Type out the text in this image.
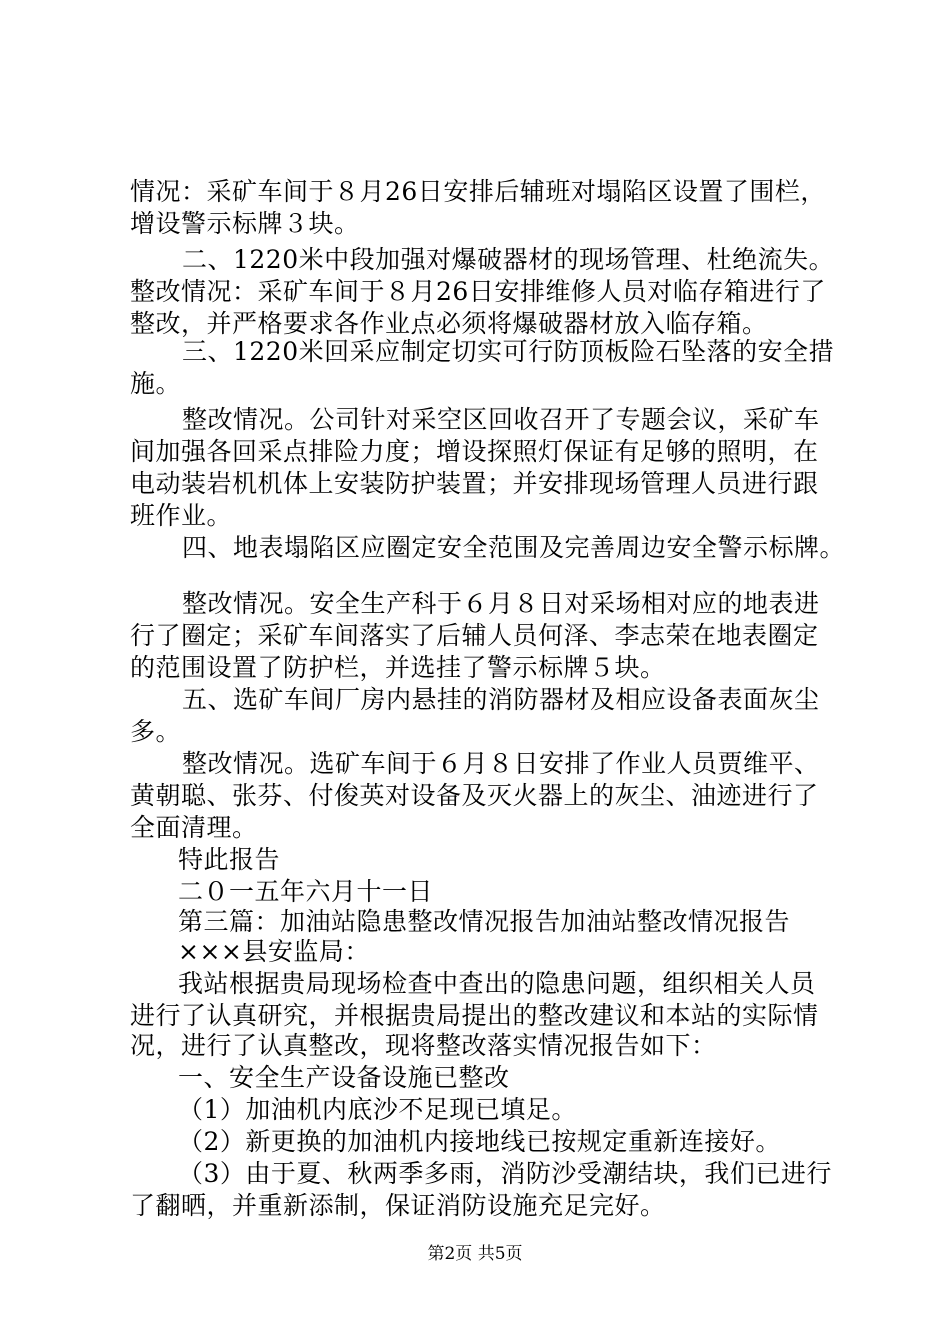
情况：采矿车间于８月26日安排后辅班对塌陷区设置了围栏，
增设警示标牌３块。
二、1220米中段加强对爆破器材的现场管理、杜绝流失。
整改情况：采矿车间于８月26日安排维修人员对临存箱进行了
整改，并严格要求各作业点必须将爆破器材放入临存箱。
三、1220米回采应制定切实可行防顶板险石坠落的安全措
施。
整改情况。公司针对采空区回收召开了专题会议，采矿车
间加强各回采点排险力度；增设探照灯保证有足够的照明，在
电动装岩机机体上安装防护装置；并安排现场管理人员进行跟
班作业。
四、地表塌陷区应圈定安全范围及完善周边安全警示标牌。
整改情况。安全生产科于６月８日对采场相对应的地表进
行了圈定；采矿车间落实了后辅人员何泽、李志荣在地表圈定
的范围设置了防护栏，并选挂了警示标牌５块。
五、选矿车间厂房内悬挂的消防器材及相应设备表面灰尘
多。
整改情况。选矿车间于６月８日安排了作业人员贾维平、
黄朝聪、张芬、付俊英对设备及灭火器上的灰尘、油迹进行了
全面清理。
特此报告
二０一五年六月十一日
第三篇：加油站隐患整改情况报告加油站整改情况报告
×××县安监局：
我站根据贵局现场检查中查出的隐患问题，组织相关人员
进行了认真研究，并根据贵局提出的整改建议和本站的实际情
况，进行了认真整改，现将整改落实情况报告如下：
一、安全生产设备设施已整改
（1）加油机内底沙不足现已填足。
（2）新更换的加油机内接地线已按规定重新连接好。
（3）由于夏、秋两季多雨，消防沙受潮结块，我们已进行
了翻晒，并重新添制，保证消防设施充足完好。
第2页 共5页
